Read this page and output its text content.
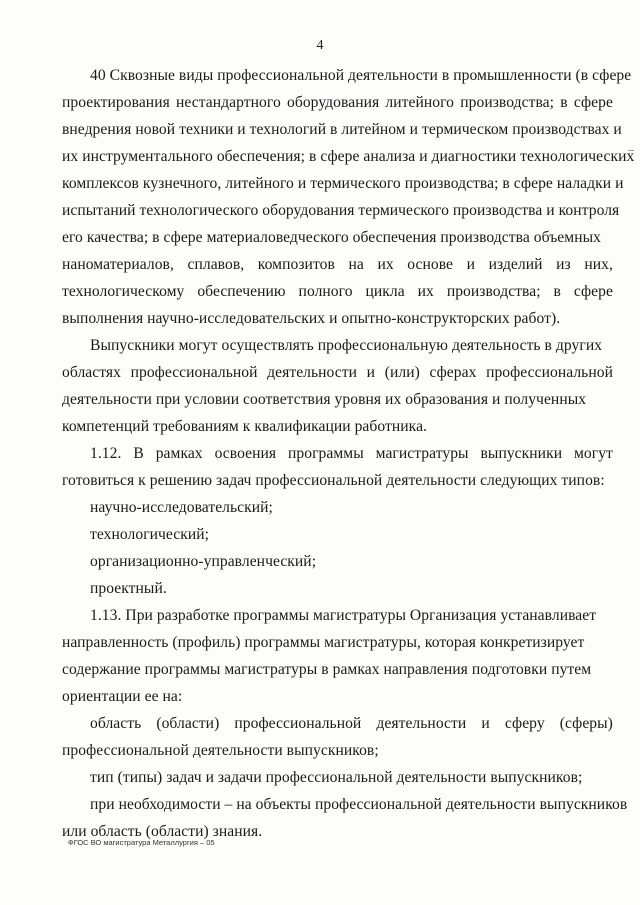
4
40 Сквозные виды профессиональной деятельности в промышленности (в сфере
проектирования нестандартного оборудования литейного производства; в сфере
внедрения новой техники и технологий в литейном и термическом производствах и
их инструментального обеспечения; в сфере анализа и диагностики технологических
комплексов кузнечного, литейного и термического производства; в сфере наладки и
испытаний технологического оборудования термического производства и контроля
его качества; в сфере материаловедческого обеспечения производства объемных
наноматериалов, сплавов, композитов на их основе и изделий из них,
технологическому обеспечению полного цикла их производства; в сфере
выполнения научно-исследовательских и опытно-конструкторских работ).
Выпускники могут осуществлять профессиональную деятельность в других
областях профессиональной деятельности и (или) сферах профессиональной
деятельности при условии соответствия уровня их образования и полученных
компетенций требованиям к квалификации работника.
1.12. В рамках освоения программы магистратуры выпускники могут
готовиться к решению задач профессиональной деятельности следующих типов:
научно-исследовательский;
технологический;
организационно-управленческий;
проектный.
1.13. При разработке программы магистратуры Организация устанавливает
направленность (профиль) программы магистратуры, которая конкретизирует
содержание программы магистратуры в рамках направления подготовки путем
ориентации ее на:
область (области) профессиональной деятельности и сферу (сферы)
профессиональной деятельности выпускников;
тип (типы) задач и задачи профессиональной деятельности выпускников;
при необходимости – на объекты профессиональной деятельности выпускников
или область (области) знания.
ФГОС ВО магистратура Металлургия – 05
